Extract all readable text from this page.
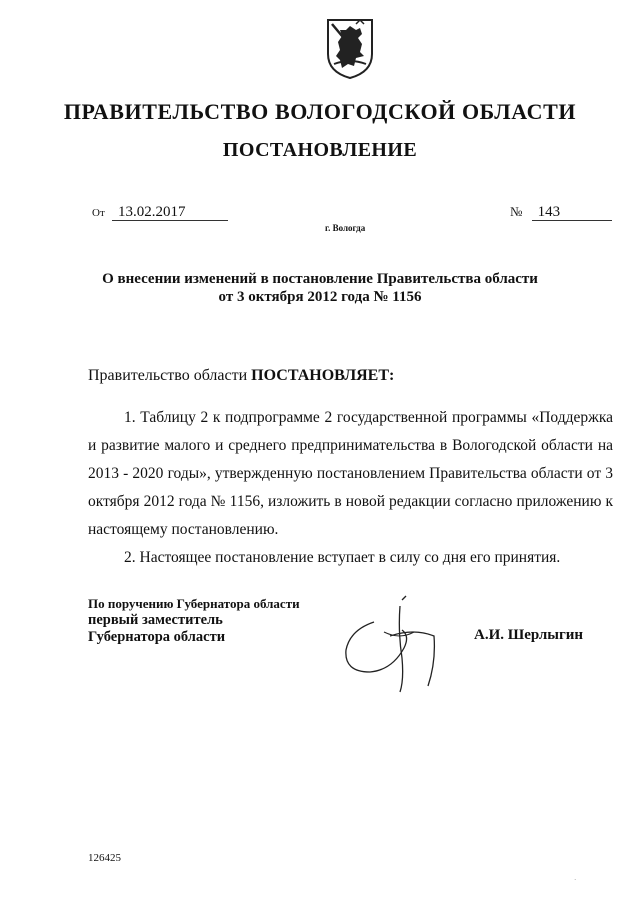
ПРАВИТЕЛЬСТВО ВОЛОГОДСКОЙ ОБЛАСТИ
ПОСТАНОВЛЕНИЕ
От 13.02.2017	№ 143
г. Вологда
О внесении изменений в постановление Правительства области
от 3 октября 2012 года № 1156
Правительство области ПОСТАНОВЛЯЕТ:

1. Таблицу 2 к подпрограмме 2 государственной программы «Поддержка и развитие малого и среднего предпринимательства в Вологодской области на 2013 - 2020 годы», утвержденную постановлением Правительства области от 3 октября 2012 года № 1156, изложить в новой редакции согласно приложению к настоящему постановлению.

2. Настоящее постановление вступает в силу со дня его принятия.

По поручению Губернатора области
первый заместитель
Губернатора области	А.И. Шерлыгин
126425
·
